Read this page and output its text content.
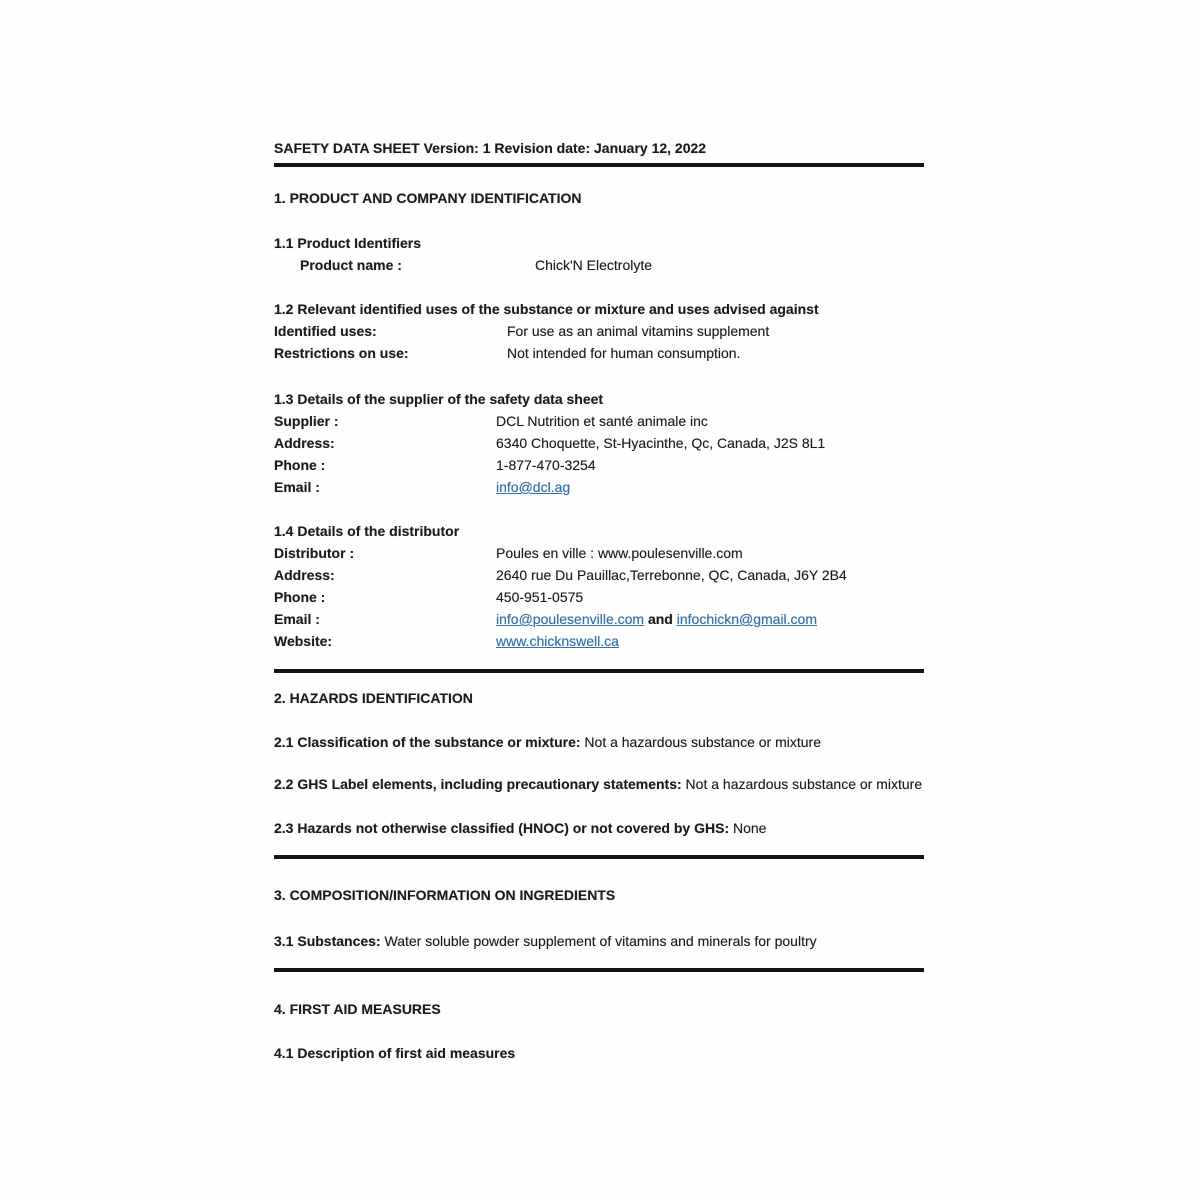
SAFETY DATA SHEET Version: 1 Revision date: January 12, 2022

1. PRODUCT AND COMPANY IDENTIFICATION

1.1 Product Identifiers

Product name :	Chick'N Electrolyte

1.2 Relevant identified uses of the substance or mixture and uses advised against

Identified uses:	For use as an animal vitamins supplement
Restrictions on use:	Not intended for human consumption.

1.3 Details of the supplier of the safety data sheet

Supplier :	DCL Nutrition et santé animale inc
Address:	6340 Choquette, St-Hyacinthe, Qc, Canada, J2S 8L1
Phone :	1-877-470-3254
Email :	info@dcl.ag

1.4 Details of the distributor

Distributor :	Poules en ville : www.poulesenville.com
Address:	2640 rue Du Pauillac,Terrebonne, QC, Canada, J6Y 2B4
Phone :	450-951-0575
Email :	info@poulesenville.com and infochickn@gmail.com
Website:	www.chicknswell.ca

2. HAZARDS IDENTIFICATION

2.1 Classification of the substance or mixture: Not a hazardous substance or mixture

2.2 GHS Label elements, including precautionary statements: Not a hazardous substance or mixture

2.3 Hazards not otherwise classified (HNOC) or not covered by GHS: None

3. COMPOSITION/INFORMATION ON INGREDIENTS

3.1 Substances: Water soluble powder supplement of vitamins and minerals for poultry

4. FIRST AID MEASURES

4.1 Description of first aid measures
